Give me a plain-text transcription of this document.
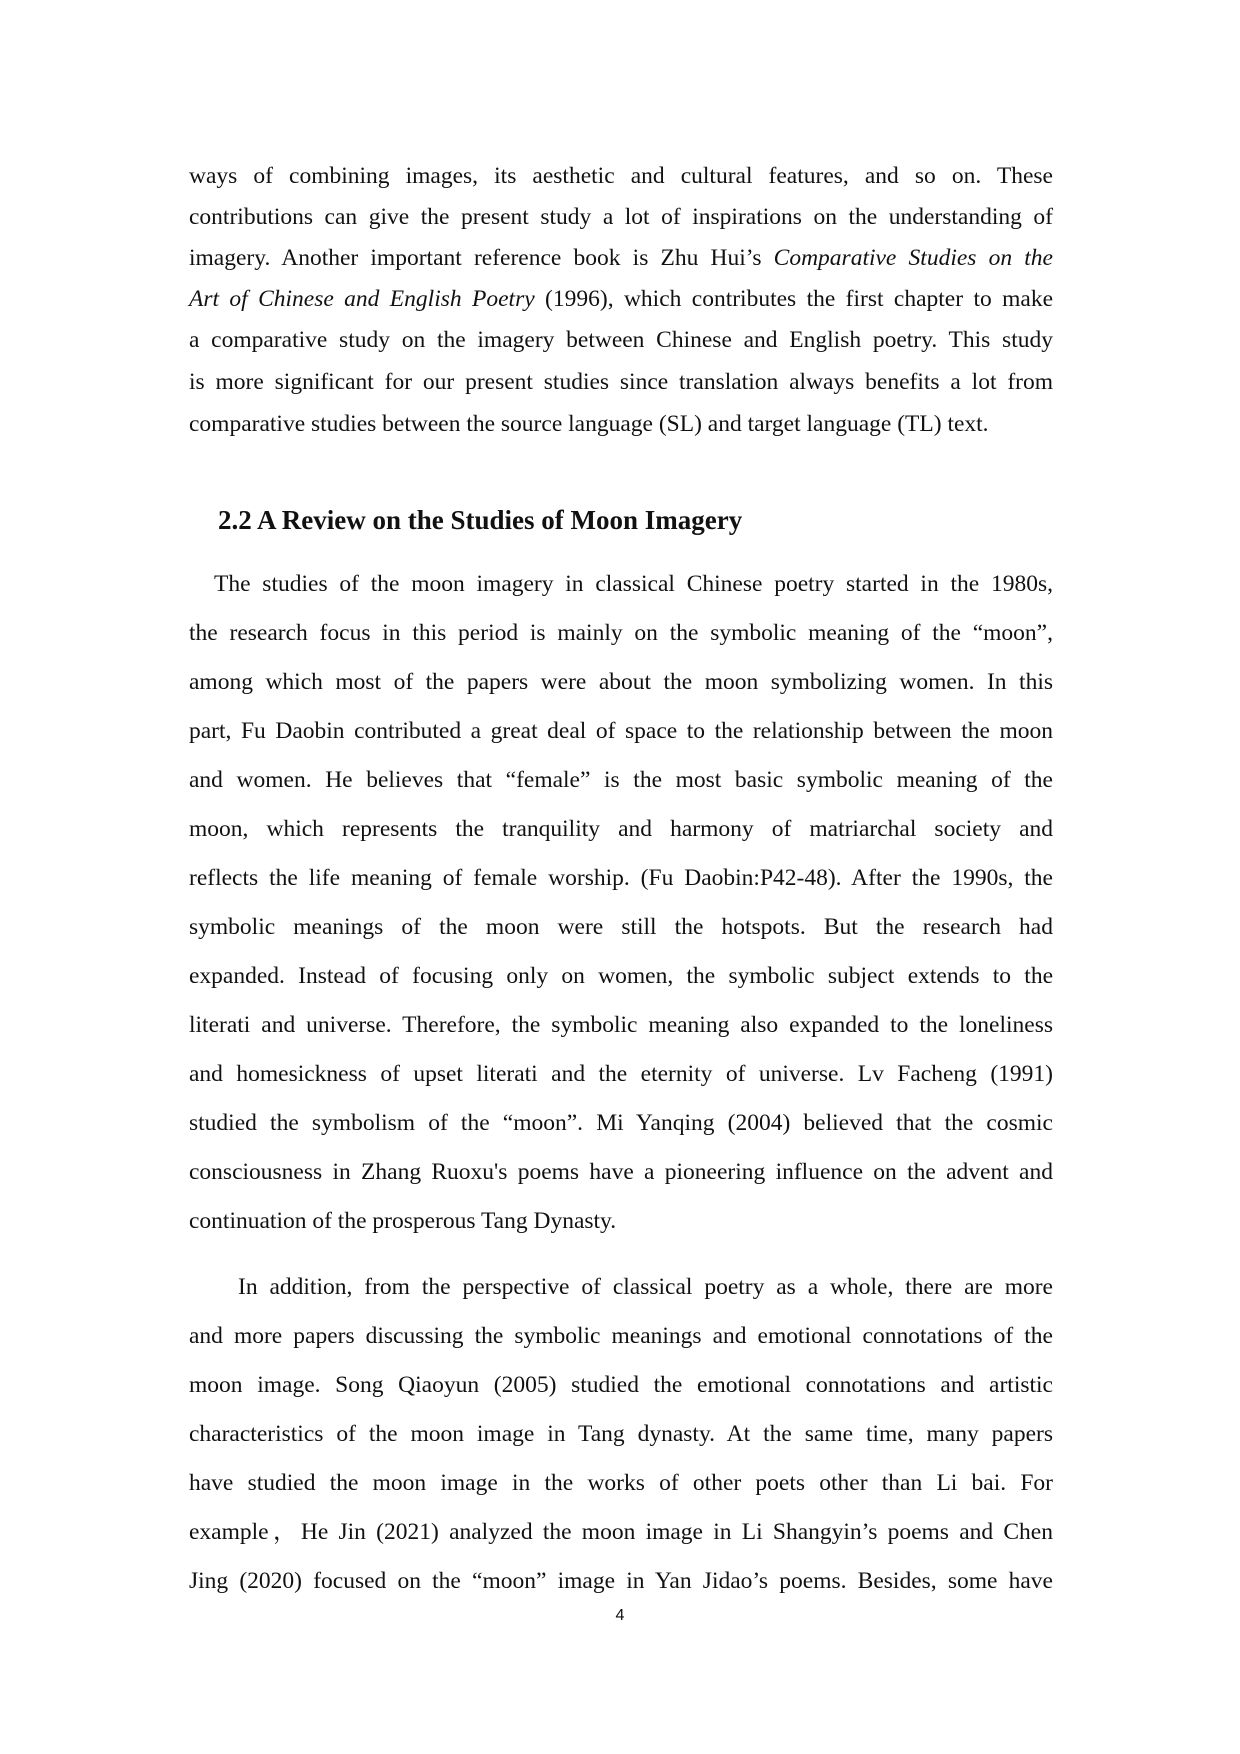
ways of combining images, its aesthetic and cultural features, and so on. These
contributions can give the present study a lot of inspirations on the understanding of
imagery. Another important reference book is Zhu Hui’s Comparative Studies on the
Art of Chinese and English Poetry (1996), which contributes the first chapter to make
a comparative study on the imagery between Chinese and English poetry. This study
is more significant for our present studies since translation always benefits a lot from
comparative studies between the source language (SL) and target language (TL) text.
2.2 A Review on the Studies of Moon Imagery
The studies of the moon imagery in classical Chinese poetry started in the 1980s,
the research focus in this period is mainly on the symbolic meaning of the “moon”,
among which most of the papers were about the moon symbolizing women. In this
part, Fu Daobin contributed a great deal of space to the relationship between the moon
and women. He believes that “female” is the most basic symbolic meaning of the
moon, which represents the tranquility and harmony of matriarchal society and
reflects the life meaning of female worship. (Fu Daobin:P42-48). After the 1990s, the
symbolic meanings of the moon were still the hotspots. But the research had
expanded. Instead of focusing only on women, the symbolic subject extends to the
literati and universe. Therefore, the symbolic meaning also expanded to the loneliness
and homesickness of upset literati and the eternity of universe. Lv Facheng (1991)
studied the symbolism of the “moon”. Mi Yanqing (2004) believed that the cosmic
consciousness in Zhang Ruoxu's poems have a pioneering influence on the advent and
continuation of the prosperous Tang Dynasty.
In addition, from the perspective of classical poetry as a whole, there are more
and more papers discussing the symbolic meanings and emotional connotations of the
moon image. Song Qiaoyun (2005) studied the emotional connotations and artistic
characteristics of the moon image in Tang dynasty. At the same time, many papers
have studied the moon image in the works of other poets other than Li bai. For
example，He Jin (2021) analyzed the moon image in Li Shangyin’s poems and Chen
Jing (2020) focused on the “moon” image in Yan Jidao’s poems. Besides, some have
4
